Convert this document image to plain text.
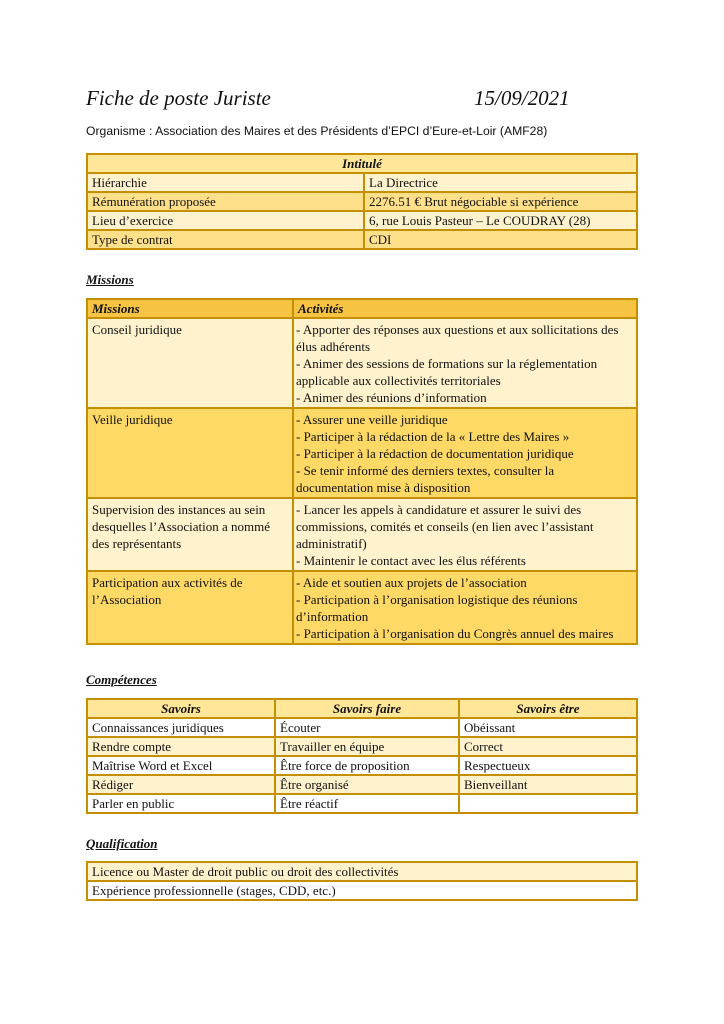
Fiche de poste Juriste	15/09/2021
Organisme : Association des Maires et des Présidents d’EPCI d’Eure-et-Loir (AMF28)
Intitulé	
Hiérarchie	La Directrice
Rémunération proposée	2276.51 € Brut négociable si expérience
Lieu d’exercice	6, rue Louis Pasteur – Le COUDRAY (28)
Type de contrat	CDI
Missions
Missions	Activités
Conseil juridique	- Apporter des réponses aux questions et aux sollicitations des élus adhérents
- Animer des sessions de formations sur la réglementation applicable aux collectivités territoriales
- Animer des réunions d’information

Veille juridique	- Assurer une veille juridique
- Participer à la rédaction de la « Lettre des Maires »
- Participer à la rédaction de documentation juridique
- Se tenir informé des derniers textes, consulter la documentation mise à disposition

Supervision des instances au sein desquelles l’Association a nommé des représentants	- Lancer les appels à candidature et assurer le suivi des commissions, comités et conseils (en lien avec l’assistant administratif)
- Maintenir le contact avec les élus référents

Participation aux activités de l’Association	- Aide et soutien aux projets de l’association
- Participation à l’organisation logistique des réunions d’information
- Participation à l’organisation du Congrès annuel des maires
Compétences
Savoirs	Savoirs faire	Savoirs être
Connaissances juridiques	Écouter	Obéissant
Rendre compte	Travailler en équipe	Correct
Maîtrise Word et Excel	Être force de proposition	Respectueux
Rédiger	Être organisé	Bienveillant
Parler en public	Être réactif	
Qualification
Licence ou Master de droit public ou droit des collectivités
Expérience professionnelle (stages, CDD, etc.)
